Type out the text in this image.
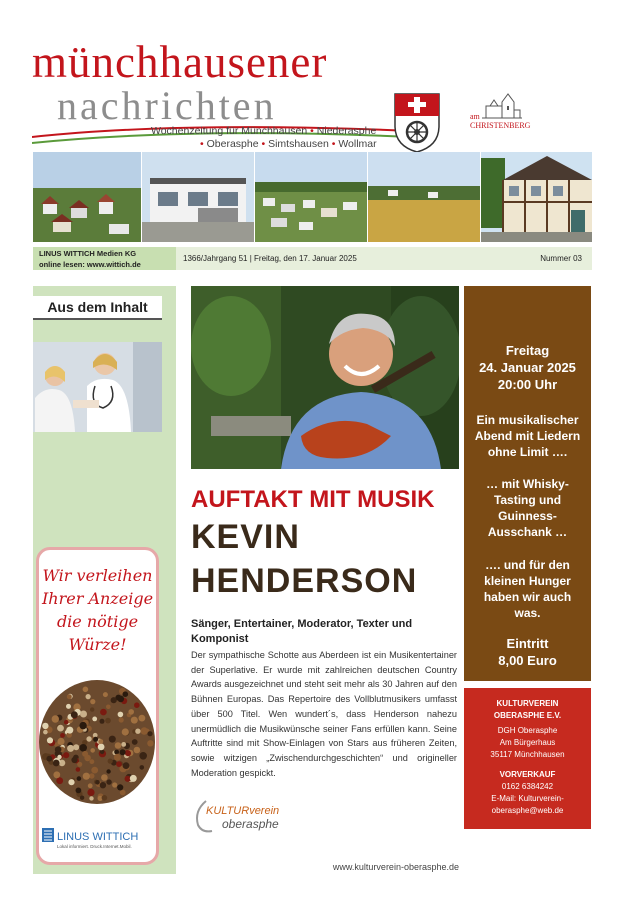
münchhausener
nachrichten
Wochenzeitung für Münchhausen • Niederasphe
• Oberasphe • Simtshausen • Wollmar
am
CHRISTENBERG
LINUS WITTICH Medien KG
online lesen: www.wittich.de
1366/Jahrgang 51 | Freitag, den 17. Januar 2025	Nummer 03
Aus dem Inhalt
Wir verleihen
Ihrer Anzeige
die nötige
Würze!
LINUS WITTICH
Lokal informiert. Druck.Internet.Mobil.
AUFTAKT MIT MUSIK
KEVIN
HENDERSON
Sänger, Entertainer, Moderator, Texter und Komponist
Der sympathische Schotte aus Aberdeen ist ein Musikentertainer der Superlative. Er wurde mit zahlreichen deutschen Country Awards ausgezeichnet und steht seit mehr als 30 Jahren auf den Bühnen Europas. Das Repertoire des Vollblutmusikers umfasst über 500 Titel. Wen wundert´s, dass Henderson nahezu unermüdlich die Musikwünsche seiner Fans erfüllen kann. Seine Auftritte sind mit Show-Einlagen von Stars aus früheren Zeiten, sowie witzigen „Zwischendurchgeschichten“ und origineller Moderation gespickt.
KULTURverein
oberasphe
www.kulturverein-oberasphe.de
Freitag
24. Januar 2025
20:00 Uhr
Ein musikalischer
Abend mit Liedern
ohne Limit ….
… mit Whisky-
Tasting und
Guinness-
Ausschank …
…. und für den
kleinen Hunger
haben wir auch
was.
Eintritt
8,00 Euro
KULTURVEREIN
OBERASPHE E.V.
DGH Oberasphe
Am Bürgerhaus
35117 Münchhausen
VORVERKAUF
0162 6384242
E-Mail: Kulturverein-
oberasphe@web.de
